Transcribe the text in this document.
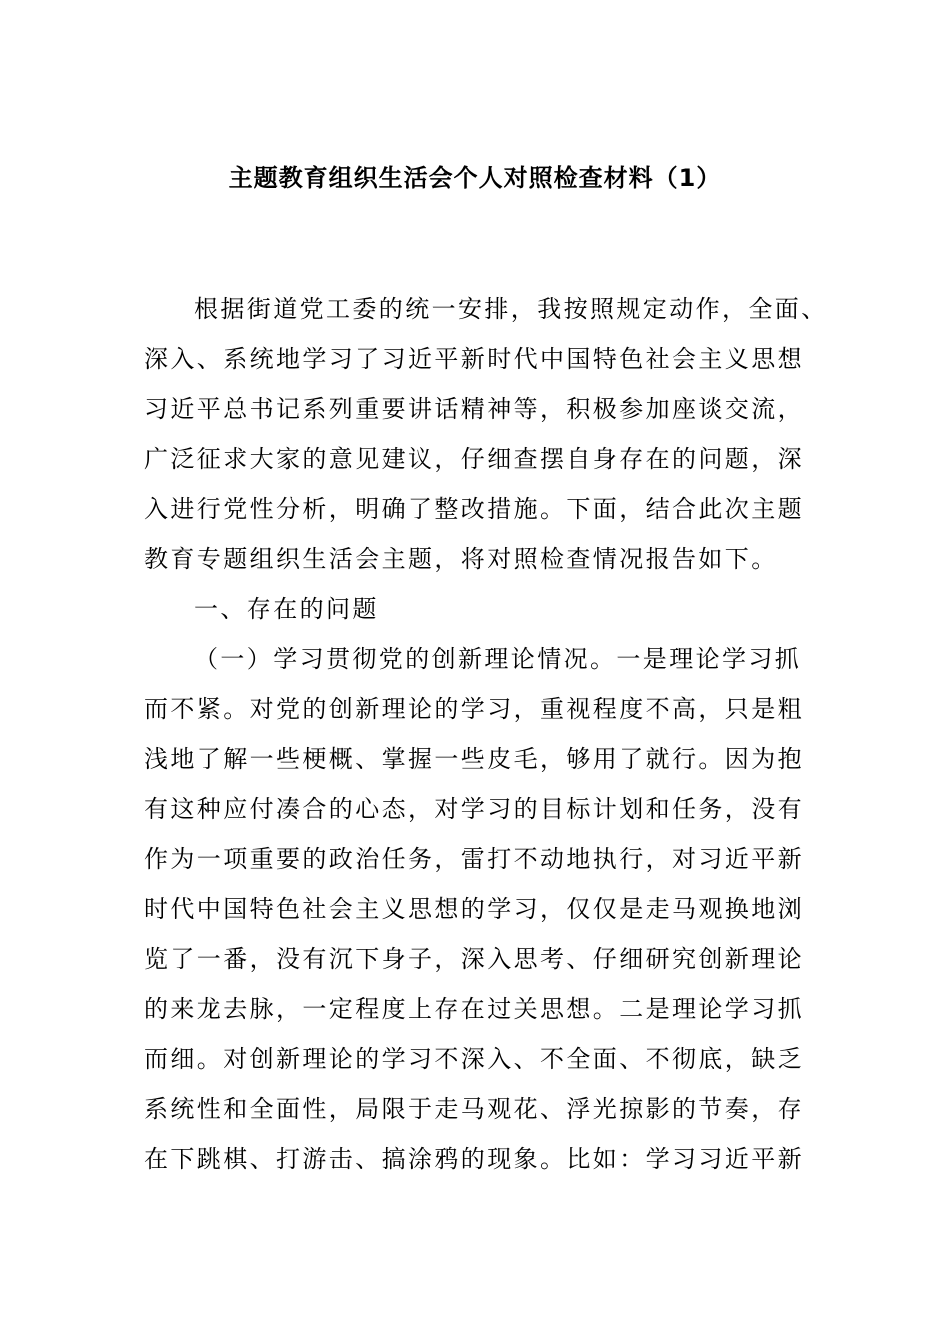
主题教育组织生活会个人对照检查材料（1）
根据街道党工委的统一安排，我按照规定动作，全面、
深入、系统地学习了习近平新时代中国特色社会主义思想
习近平总书记系列重要讲话精神等，积极参加座谈交流，
广泛征求大家的意见建议，仔细查摆自身存在的问题，深
入进行党性分析，明确了整改措施。下面，结合此次主题
教育专题组织生活会主题，将对照检查情况报告如下。
一、存在的问题
（一）学习贯彻党的创新理论情况。一是理论学习抓
而不紧。对党的创新理论的学习，重视程度不高，只是粗
浅地了解一些梗概、掌握一些皮毛，够用了就行。因为抱
有这种应付凑合的心态，对学习的目标计划和任务，没有
作为一项重要的政治任务，雷打不动地执行，对习近平新
时代中国特色社会主义思想的学习，仅仅是走马观换地浏
览了一番，没有沉下身子，深入思考、仔细研究创新理论
的来龙去脉，一定程度上存在过关思想。二是理论学习抓
而细。对创新理论的学习不深入、不全面、不彻底，缺乏
系统性和全面性，局限于走马观花、浮光掠影的节奏，存
在下跳棋、打游击、搞涂鸦的现象。比如：学习习近平新
